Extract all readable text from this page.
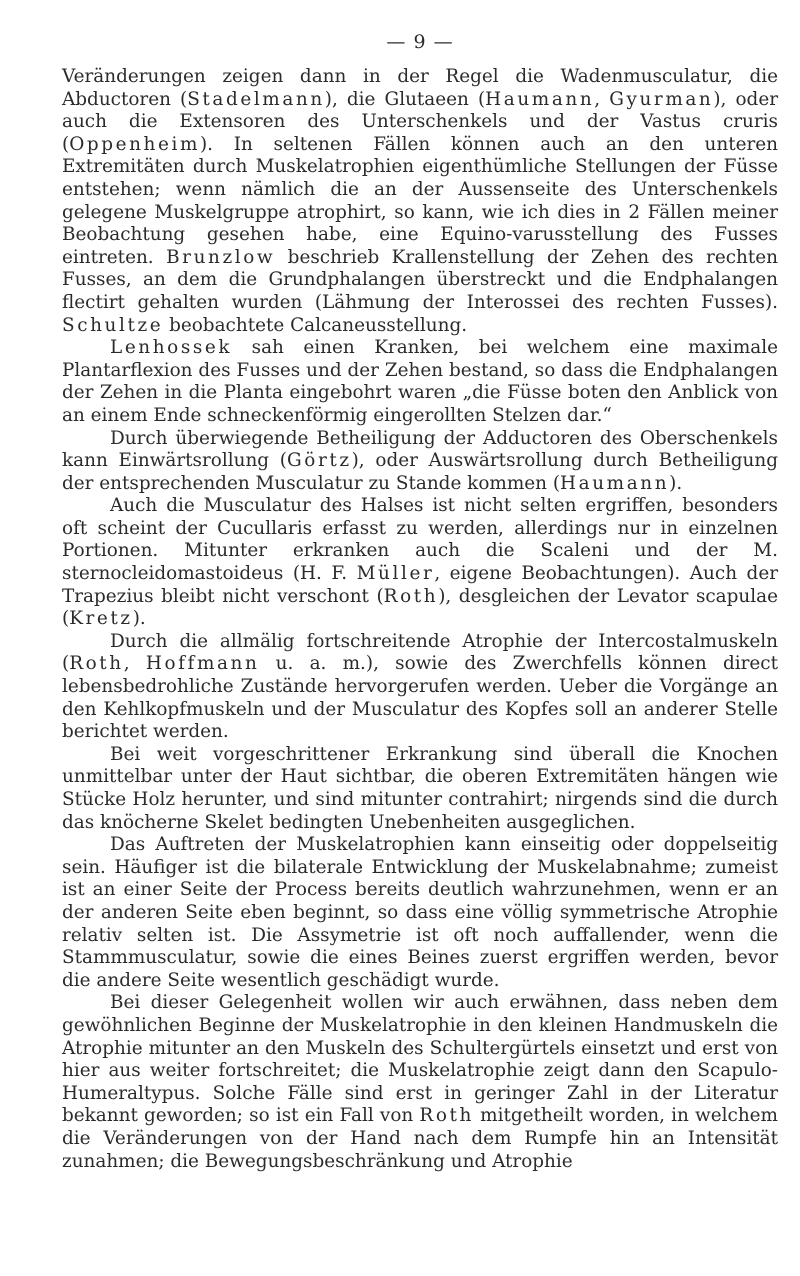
— 9 —

Veränderungen zeigen dann in der Regel die Wadenmusculatur, die Abductoren (Stadelmann), die Glutaeen (Haumann, Gyurman), oder auch die Extensoren des Unterschenkels und der Vastus cruris (Oppenheim). In seltenen Fällen können auch an den unteren Extremitäten durch Muskelatrophien eigenthümliche Stellungen der Füsse entstehen; wenn nämlich die an der Aussenseite des Unterschenkels gelegene Muskelgruppe atrophirt, so kann, wie ich dies in 2 Fällen meiner Beobachtung gesehen habe, eine Equino-varusstellung des Fusses eintreten. Brunzlow beschrieb Krallenstellung der Zehen des rechten Fusses, an dem die Grundphalangen überstreckt und die Endphalangen flectirt gehalten wurden (Lähmung der Interossei des rechten Fusses). Schultze beobachtete Calcaneusstellung.

Lenhossek sah einen Kranken, bei welchem eine maximale Plantarflexion des Fusses und der Zehen bestand, so dass die Endphalangen der Zehen in die Planta eingebohrt waren „die Füsse boten den Anblick von an einem Ende schneckenförmig eingerollten Stelzen dar.“

Durch überwiegende Betheiligung der Adductoren des Oberschenkels kann Einwärtsrollung (Görtz), oder Auswärtsrollung durch Betheiligung der entsprechenden Musculatur zu Stande kommen (Haumann).

Auch die Musculatur des Halses ist nicht selten ergriffen, besonders oft scheint der Cucullaris erfasst zu werden, allerdings nur in einzelnen Portionen. Mitunter erkranken auch die Scaleni und der M. sternocleidomastoideus (H. F. Müller, eigene Beobachtungen). Auch der Trapezius bleibt nicht verschont (Roth), desgleichen der Levator scapulae (Kretz).

Durch die allmälig fortschreitende Atrophie der Intercostalmuskeln (Roth, Hoffmann u. a. m.), sowie des Zwerchfells können direct lebensbedrohliche Zustände hervorgerufen werden. Ueber die Vorgänge an den Kehlkopfmuskeln und der Musculatur des Kopfes soll an anderer Stelle berichtet werden.

Bei weit vorgeschrittener Erkrankung sind überall die Knochen unmittelbar unter der Haut sichtbar, die oberen Extremitäten hängen wie Stücke Holz herunter, und sind mitunter contrahirt; nirgends sind die durch das knöcherne Skelet bedingten Unebenheiten ausgeglichen.

Das Auftreten der Muskelatrophien kann einseitig oder doppelseitig sein. Häufiger ist die bilaterale Entwicklung der Muskelabnahme; zumeist ist an einer Seite der Process bereits deutlich wahrzunehmen, wenn er an der anderen Seite eben beginnt, so dass eine völlig symmetrische Atrophie relativ selten ist. Die Assymetrie ist oft noch auffallender, wenn die Stammmusculatur, sowie die eines Beines zuerst ergriffen werden, bevor die andere Seite wesentlich geschädigt wurde.

Bei dieser Gelegenheit wollen wir auch erwähnen, dass neben dem gewöhnlichen Beginne der Muskelatrophie in den kleinen Handmuskeln die Atrophie mitunter an den Muskeln des Schultergürtels einsetzt und erst von hier aus weiter fortschreitet; die Muskelatrophie zeigt dann den Scapulo-Humeraltypus. Solche Fälle sind erst in geringer Zahl in der Literatur bekannt geworden; so ist ein Fall von Roth mitgetheilt worden, in welchem die Veränderungen von der Hand nach dem Rumpfe hin an Intensität zunahmen; die Bewegungsbeschränkung und Atrophie
